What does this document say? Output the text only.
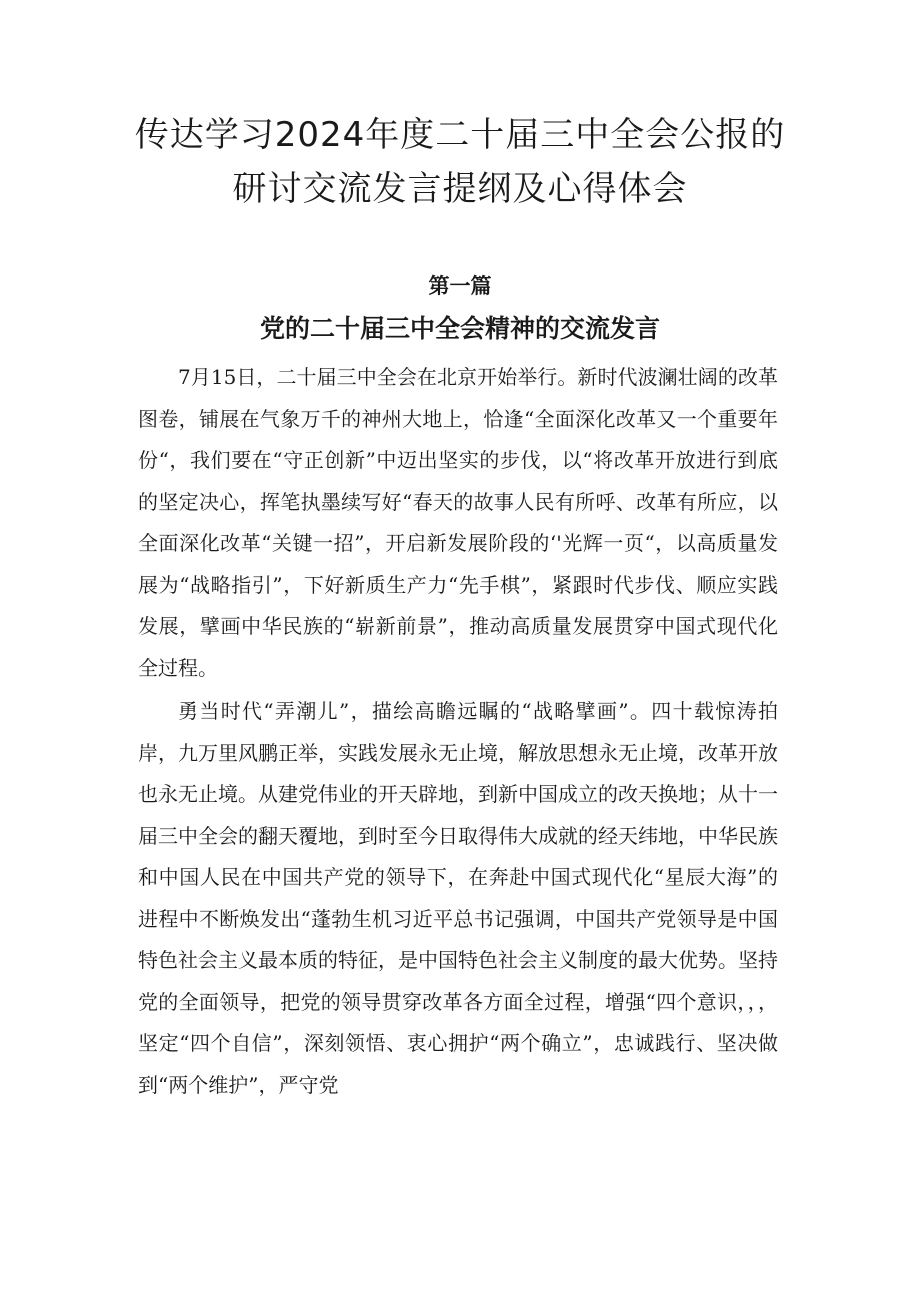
传达学习2024年度二十届三中全会公报的
研讨交流发言提纲及心得体会
第一篇
党的二十届三中全会精神的交流发言

7月15日，二十届三中全会在北京开始举行。新时代波澜壮阔的改革图卷，铺展在气象万千的神州大地上，恰逢“全面深化改革又一个重要年份“，我们要在“守正创新”中迈出坚实的步伐，以“将改革开放进行到底的坚定决心，挥笔执墨续写好“春天的故事人民有所呼、改革有所应，以全面深化改革“关键一招”，开启新发展阶段的‘'光辉一页“，以高质量发展为“战略指引”，下好新质生产力“先手棋”，紧跟时代步伐、顺应实践发展，擘画中华民族的“崭新前景”，推动高质量发展贯穿中国式现代化全过程。

勇当时代“弄潮儿”，描绘高瞻远瞩的“战略擘画”。四十载惊涛拍岸，九万里风鹏正举，实践发展永无止境，解放思想永无止境，改革开放也永无止境。从建党伟业的开天辟地，到新中国成立的改天换地；从十一届三中全会的翻天覆地，到时至今日取得伟大成就的经天纬地，中华民族和中国人民在中国共产党的领导下，在奔赴中国式现代化“星辰大海”的进程中不断焕发出“蓬勃生机习近平总书记强调，中国共产党领导是中国特色社会主义最本质的特征，是中国特色社会主义制度的最大优势。坚持党的全面领导，把党的领导贯穿改革各方面全过程，增强“四个意识，，，坚定“四个自信”，深刻领悟、衷心拥护“两个确立”，忠诚践行、坚决做到“两个维护”，严守党
